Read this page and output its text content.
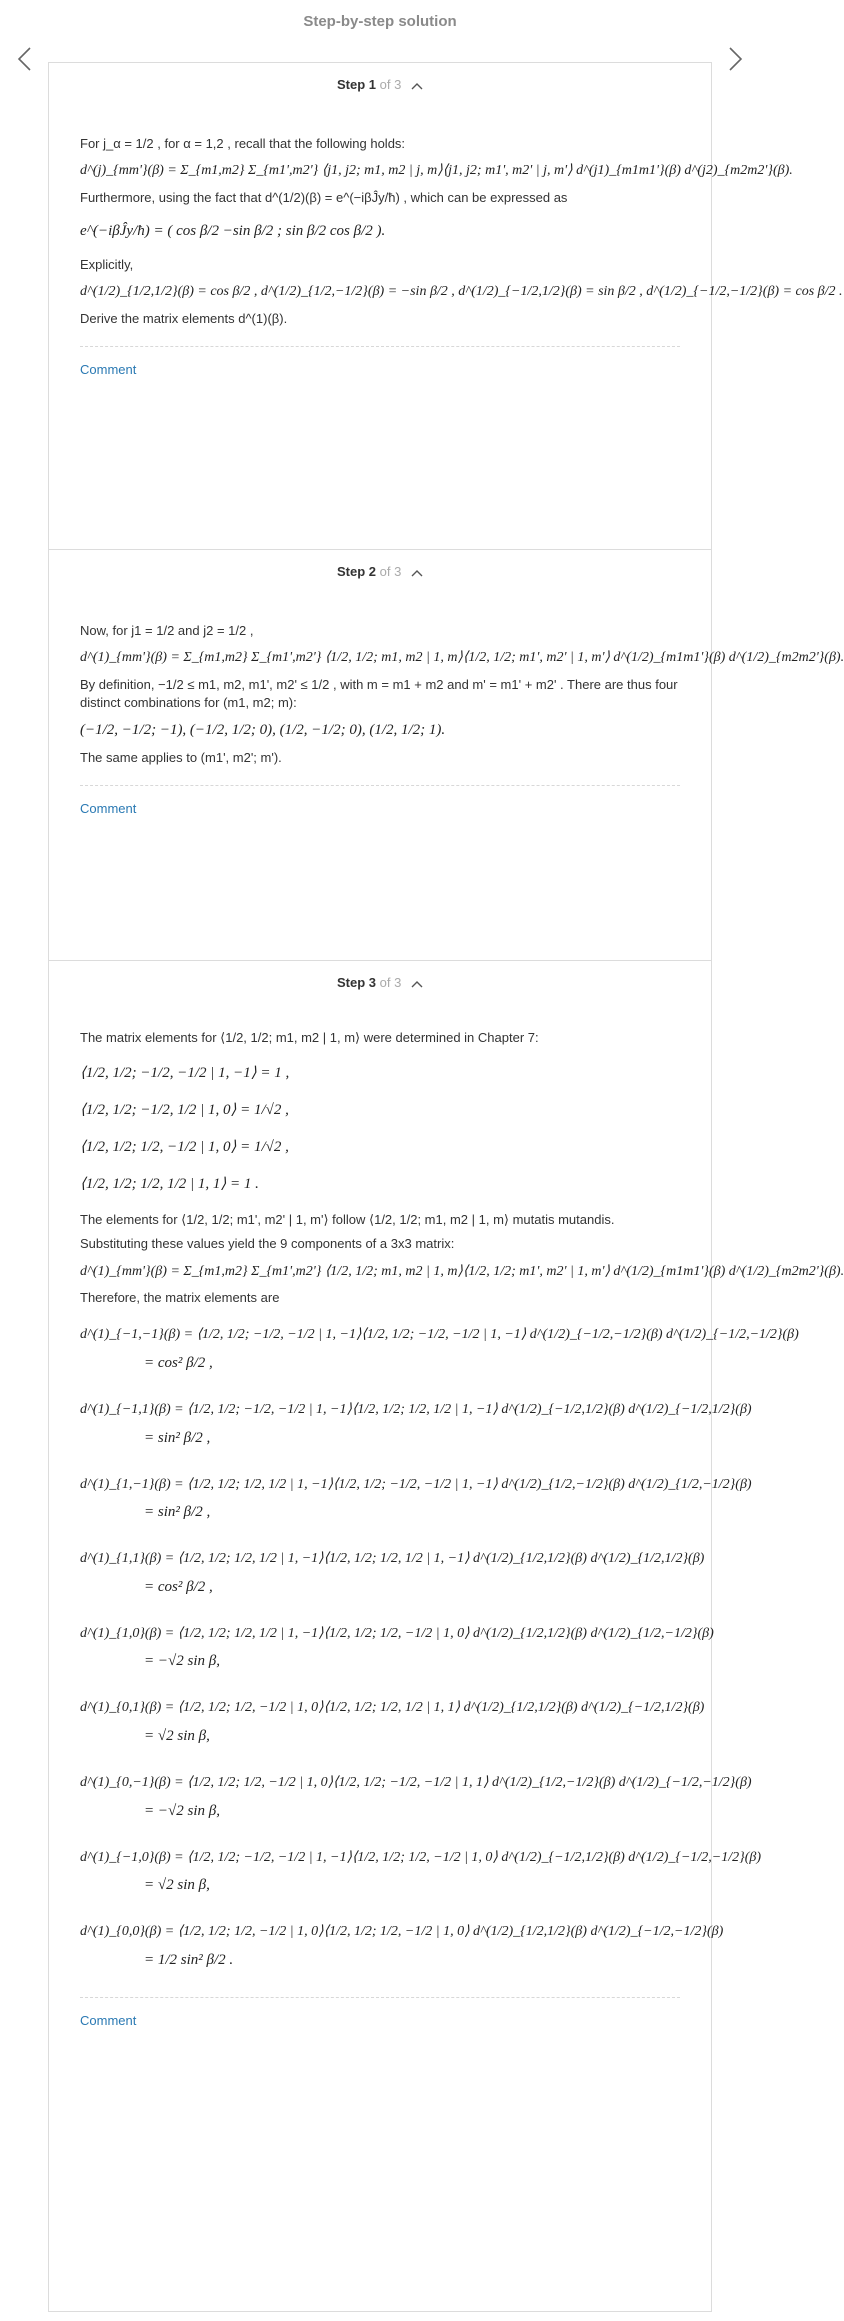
Step-by-step solution
Step 1 of 3
For j_α = 1/2 , for α = 1,2 , recall that the following holds:
d^(j)_{mm'}(β) = Σ_{m1,m2} Σ_{m1',m2'} ⟨j1, j2; m1, m2 | j, m⟩⟨j1, j2; m1', m2' | j, m'⟩ d^(j1)_{m1m1'}(β) d^(j2)_{m2m2'}(β).
Furthermore, using the fact that d^(1/2)(β) = e^(−iβĴy/ħ) , which can be expressed as
e^(−iβĴy/ħ) = ( cos β/2 −sin β/2 ; sin β/2 cos β/2 ).
Explicitly,
d^(1/2)_{1/2,1/2}(β) = cos β/2 , d^(1/2)_{1/2,−1/2}(β) = −sin β/2 , d^(1/2)_{−1/2,1/2}(β) = sin β/2 , d^(1/2)_{−1/2,−1/2}(β) = cos β/2 .
Derive the matrix elements d^(1)(β).
Comment
Step 2 of 3
Now, for j1 = 1/2 and j2 = 1/2 ,
d^(1)_{mm'}(β) = Σ_{m1,m2} Σ_{m1',m2'} ⟨1/2, 1/2; m1, m2 | 1, m⟩⟨1/2, 1/2; m1', m2' | 1, m'⟩ d^(1/2)_{m1m1'}(β) d^(1/2)_{m2m2'}(β).
By definition, −1/2 ≤ m1, m2, m1', m2' ≤ 1/2 , with m = m1 + m2 and m' = m1' + m2' . There are thus four distinct combinations for (m1, m2; m):
(−1/2, −1/2; −1), (−1/2, 1/2; 0), (1/2, −1/2; 0), (1/2, 1/2; 1).
The same applies to (m1', m2'; m').
Comment
Step 3 of 3
The matrix elements for ⟨1/2, 1/2; m1, m2 | 1, m⟩ were determined in Chapter 7:
⟨1/2, 1/2; −1/2, −1/2 | 1, −1⟩ = 1 ,
⟨1/2, 1/2; −1/2, 1/2 | 1, 0⟩ = 1/√2 ,
⟨1/2, 1/2; 1/2, −1/2 | 1, 0⟩ = 1/√2 ,
⟨1/2, 1/2; 1/2, 1/2 | 1, 1⟩ = 1 .
The elements for ⟨1/2, 1/2; m1', m2' | 1, m'⟩ follow ⟨1/2, 1/2; m1, m2 | 1, m⟩ mutatis mutandis.
Substituting these values yield the 9 components of a 3x3 matrix:
d^(1)_{mm'}(β) = Σ_{m1,m2} Σ_{m1',m2'} ⟨1/2, 1/2; m1, m2 | 1, m⟩⟨1/2, 1/2; m1', m2' | 1, m'⟩ d^(1/2)_{m1m1'}(β) d^(1/2)_{m2m2'}(β).
Therefore, the matrix elements are
d^(1)_{−1,−1}(β) = ⟨1/2, 1/2; −1/2, −1/2 | 1, −1⟩⟨1/2, 1/2; −1/2, −1/2 | 1, −1⟩ d^(1/2)_{−1/2,−1/2}(β) d^(1/2)_{−1/2,−1/2}(β)
= cos² β/2 ,
d^(1)_{−1,1}(β) = ⟨1/2, 1/2; −1/2, −1/2 | 1, −1⟩⟨1/2, 1/2; 1/2, 1/2 | 1, −1⟩ d^(1/2)_{−1/2,1/2}(β) d^(1/2)_{−1/2,1/2}(β)
= sin² β/2 ,
d^(1)_{1,−1}(β) = ⟨1/2, 1/2; 1/2, 1/2 | 1, −1⟩⟨1/2, 1/2; −1/2, −1/2 | 1, −1⟩ d^(1/2)_{1/2,−1/2}(β) d^(1/2)_{1/2,−1/2}(β)
= sin² β/2 ,
d^(1)_{1,1}(β) = ⟨1/2, 1/2; 1/2, 1/2 | 1, −1⟩⟨1/2, 1/2; 1/2, 1/2 | 1, −1⟩ d^(1/2)_{1/2,1/2}(β) d^(1/2)_{1/2,1/2}(β)
= cos² β/2 ,
d^(1)_{1,0}(β) = ⟨1/2, 1/2; 1/2, 1/2 | 1, −1⟩⟨1/2, 1/2; 1/2, −1/2 | 1, 0⟩ d^(1/2)_{1/2,1/2}(β) d^(1/2)_{1/2,−1/2}(β)
= −√2 sin β,
d^(1)_{0,1}(β) = ⟨1/2, 1/2; 1/2, −1/2 | 1, 0⟩⟨1/2, 1/2; 1/2, 1/2 | 1, 1⟩ d^(1/2)_{1/2,1/2}(β) d^(1/2)_{−1/2,1/2}(β)
= √2 sin β,
d^(1)_{0,−1}(β) = ⟨1/2, 1/2; 1/2, −1/2 | 1, 0⟩⟨1/2, 1/2; −1/2, −1/2 | 1, 1⟩ d^(1/2)_{1/2,−1/2}(β) d^(1/2)_{−1/2,−1/2}(β)
= −√2 sin β,
d^(1)_{−1,0}(β) = ⟨1/2, 1/2; −1/2, −1/2 | 1, −1⟩⟨1/2, 1/2; 1/2, −1/2 | 1, 0⟩ d^(1/2)_{−1/2,1/2}(β) d^(1/2)_{−1/2,−1/2}(β)
= √2 sin β,
d^(1)_{0,0}(β) = ⟨1/2, 1/2; 1/2, −1/2 | 1, 0⟩⟨1/2, 1/2; 1/2, −1/2 | 1, 0⟩ d^(1/2)_{1/2,1/2}(β) d^(1/2)_{−1/2,−1/2}(β)
= 1/2 sin² β/2 .
Comment
